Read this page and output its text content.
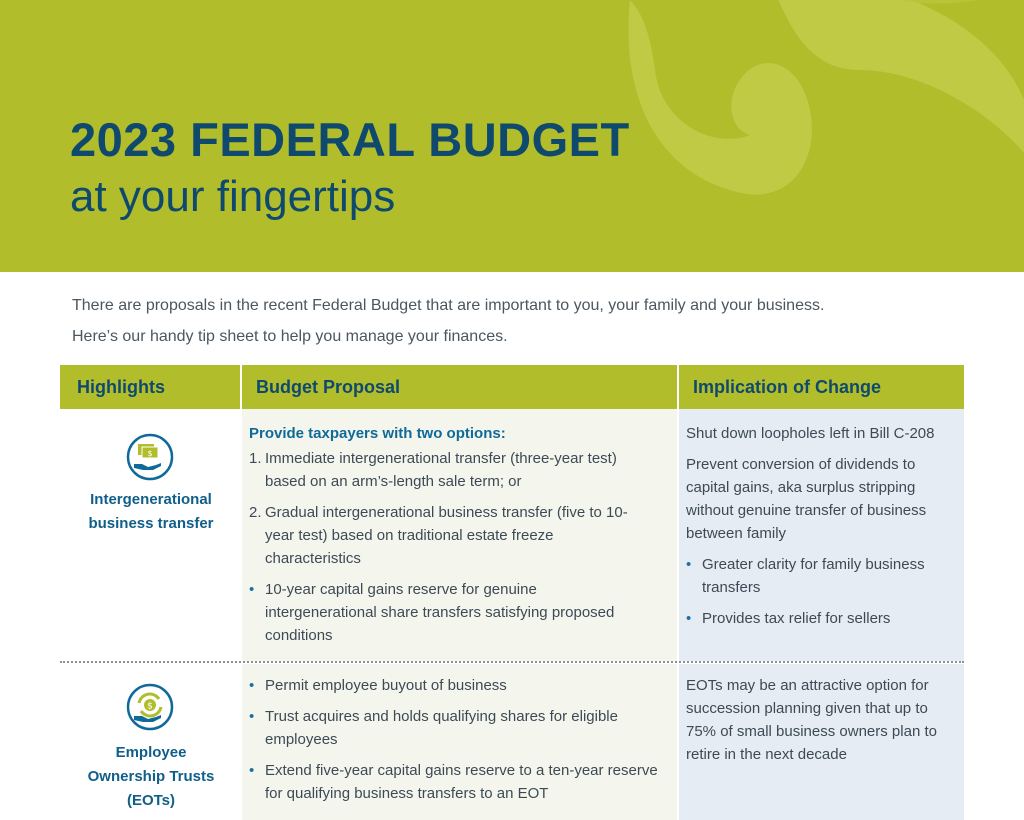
2023 FEDERAL BUDGET
at your fingertips
There are proposals in the recent Federal Budget that are important to you, your family and your business.
Here’s our handy tip sheet to help you manage your finances.
Highlights	Budget Proposal	Implication of Change
$
Intergenerational
business transfer
Provide taxpayers with two options:
1. Immediate intergenerational transfer (three-year test) based on an arm’s-length sale term; or
2. Gradual intergenerational business transfer (five to 10-year test) based on traditional estate freeze characteristics
• 10-year capital gains reserve for genuine intergenerational share transfers satisfying proposed conditions

Shut down loopholes left in Bill C-208

Prevent conversion of dividends to capital gains, aka surplus stripping without genuine transfer of business between family

• Greater clarity for family business transfers
• Provides tax relief for sellers
$
Employee
Ownership Trusts
(EOTs)
• Permit employee buyout of business
• Trust acquires and holds qualifying shares for eligible employees
• Extend five-year capital gains reserve to a ten-year reserve for qualifying business transfers to an EOT

EOTs may be an attractive option for succession planning given that up to 75% of small business owners plan to retire in the next decade
